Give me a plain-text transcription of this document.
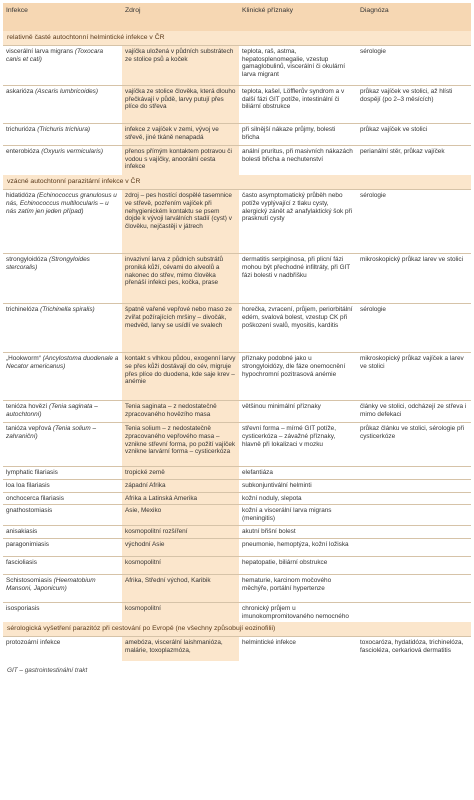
Infekce	Zdroj	Klinické příznaky	Diagnóza
relativně časté autochtonní helmintické infekce v ČR			
viscerální larva migrans (Toxocara canis et cati)	vajíčka uložená v půdních substrátech ze stolice psů a koček	teplota, raš, astma, hepatosplenomegalie, vzestup gamaglobulinů, viscerální či okulární larva migrant	sérologie
askarióza (Ascaris lumbricoides)	vajíčka ze stolice člověka, která dlouho přečkávají v půdě, larvy putují přes plíce do střeva	teplota, kašel, Löfflerův syndrom a v další fázi GIT potíže, intestinální či biliární obstrukce	průkaz vajíček ve stolici, až hlísti dospějí (po 2–3 měsících)
trichurióza (Trichuris trichiura)	infekce z vajíček v zemi, vývoj ve střevě, jiné tkáně nenapadá	při silnější nákaze průjmy, bolesti břicha	průkaz vajíček ve stolici
enterobióza (Oxyuris vermicularis)	přenos přímým kontaktem potravou či vodou s vajíčky, anoorální cesta infekce	anální pruritus, při masivních nákazách bolesti břicha a nechutenství	perianální stěr, průkaz vajíček
vzácné autochtonní parazitární infekce v ČR			
hidatidóza (Echinococcus granulosus u nás, Echinococcus multilocularis – u nás zatím jen jeden případ)	zdroj – pes hostící dospělé tasemnice ve střevě, pozřením vajíček při nehygienickém kontaktu se psem dojde k vývoji larválních stadií (cyst) v člověku, nejčastěji v játrech	často asymptomatický průběh nebo potíže vyplývající z tlaku cysty, alergický zánět až anafylaktický šok při prasknutí cysty	sérologie
strongyloidóza (Strongyloides stercoralis)	invazivní larva z půdních substrátů proniká kůží, cévami do alveolů a nakonec do střev, mimo člověka přenáší infekci pes, kočka, prase	dermatitis serpiginosa, při plicní fázi mohou být přechodné infiltráty, při GIT fázi bolesti v nadbřišku	mikroskopický průkaz larev ve stolici
trichinelóza (Trichinella spiralis)	špatně vařené vepřové nebo maso ze zvířat požírajících mršiny – divočák, medvěd, larvy se usídlí ve svalech	horečka, zvracení, průjem, periorbitální edém, svalová bolest, vzestup CK při poškození svalů, myositis, karditis	sérologie
„Hookworm“ (Ancylostoma duodenale a Necator americanus)	kontakt s vlhkou půdou, exogenní larvy se přes kůži dostávají do cév, migruje přes plíce do duodena, kde saje krev – anémie	příznaky podobné jako u strongyloidózy, dle fáze onemocnění hypochromní pozitrasová anémie	mikroskopický průkaz vajíček a larev ve stolici
tenióza hovězí (Tenia saginata – autochtonní)	Tenia saginata – z nedostatečně zpracovaného hovězího masa	většinou minimální příznaky	články ve stolici, odcházejí ze střeva i mimo defekaci
tanióza vepřová (Tenia solium – zahraniční)	Tenia solium – z nedostatečně zpracovaného vepřového masa – vznikne střevní forma, po požití vajíček vznikne larvární forma – cysticerkóza	střevní forma – mírné GIT potíže, cysticerkóza – závažné příznaky, hlavně při lokalizaci v mozku	průkaz článku ve stolici, sérologie při cysticerkóze
lymphatic filariasis	tropické země	elefantiáza	
loa loa filariasis	západní Afrika	subkonjuntivální helminti	
onchocerca filariasis	Afrika a Latinská Amerika	kožní noduly, slepota	
gnathostomiasis	Asie, Mexiko	kožní a viscerální larva migrans (meningitis)	
anisakiasis	kosmopolitní rozšíření	akutní břišní bolest	
paragonimiasis	východní Asie	pneumonie, hemoptýza, kožní ložiska	
fascioliasis	kosmopolitní	hepatopatie, biliární obstrukce	
Schistosomiasis (Heematobium Mansoni, Japonicum)	Afrika, Střední východ, Karibik	hematurie, karcinom močového měchýře, portální hypertenze	
isosporiasis	kosmopolitní	chronický průjem u imunokompromitovaného nemocného	
sérologická vyšetření parazitóz při cestování po Evropě (ne všechny způsobují eozinofilii)			
protozoární infekce	amebóza, viscerální laishmanióza, malárie, toxoplazmóza,	helmintické infekce	toxocaróza, hydatidóza, trichinelóza, fascioléza, cerkariová dermatitis
GIT – gastrointestinální trakt
